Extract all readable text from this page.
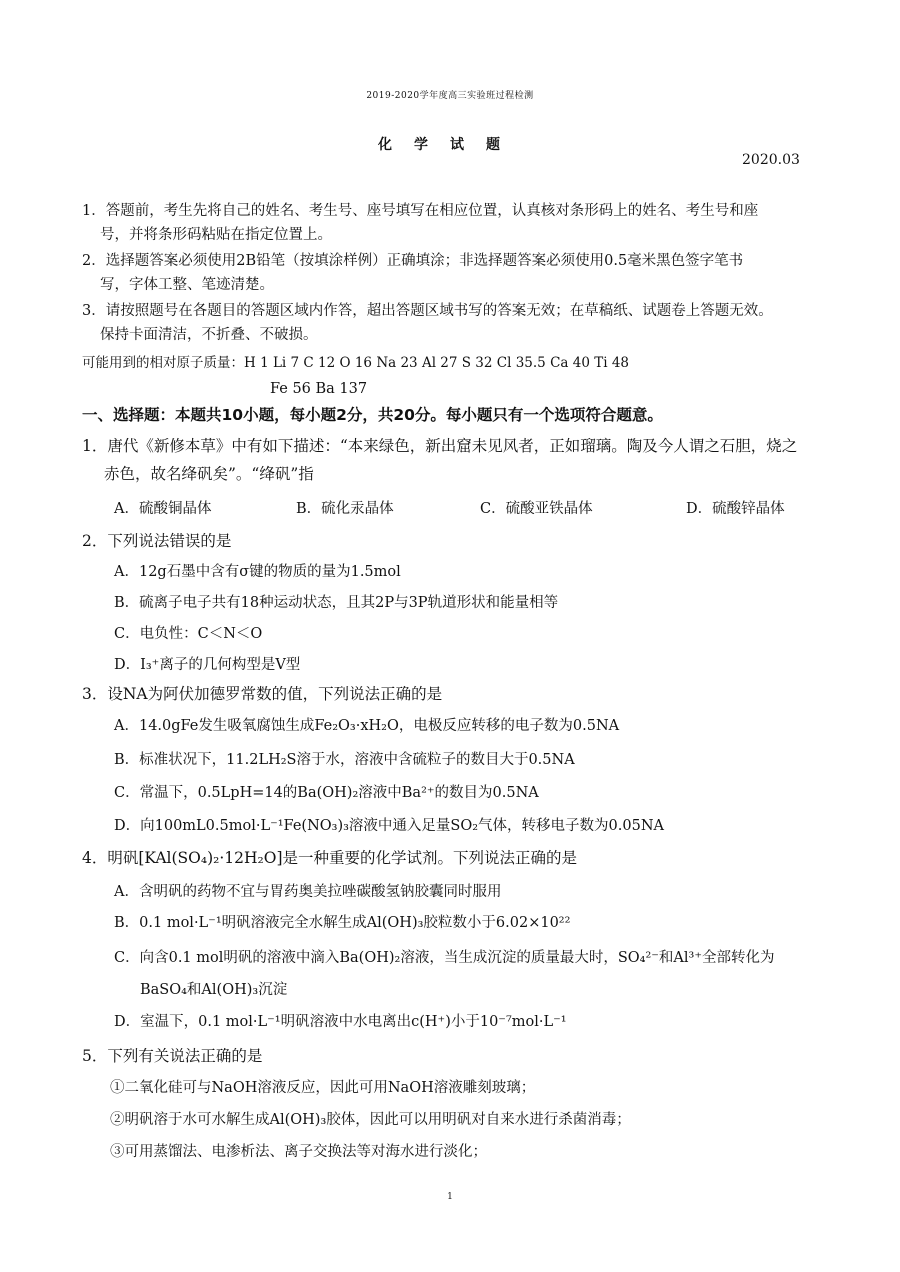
2019-2020学年度高三实验班过程检测
化学试题
2020.03
1．答题前，考生先将自己的姓名、考生号、座号填写在相应位置，认真核对条形码上的姓名、考生号和座
号，并将条形码粘贴在指定位置上。
2．选择题答案必须使用2B铅笔（按填涂样例）正确填涂；非选择题答案必须使用0.5毫米黑色签字笔书
写，字体工整、笔迹清楚。
3．请按照题号在各题目的答题区域内作答，超出答题区域书写的答案无效；在草稿纸、试题卷上答题无效。
保持卡面清洁，不折叠、不破损。
可能用到的相对原子质量：H 1 Li 7 C 12 O 16 Na 23 Al 27 S 32 Cl 35.5 Ca 40 Ti 48
Fe 56 Ba 137
一、选择题：本题共10小题，每小题2分，共20分。每小题只有一个选项符合题意。
1．唐代《新修本草》中有如下描述：“本来绿色，新出窟未见风者，正如瑠璃。陶及今人谓之石胆，烧之
赤色，故名绛矾矣”。“绛矾”指
A．硫酸铜晶体	B．硫化汞晶体	C．硫酸亚铁晶体	D．硫酸锌晶体
2．下列说法错误的是
A．12g石墨中含有σ键的物质的量为1.5mol
B．硫离子电子共有18种运动状态，且其2P与3P轨道形状和能量相等
C．电负性：C＜N＜O
D．I₃⁺离子的几何构型是V型
3．设NA为阿伏加德罗常数的值，下列说法正确的是
A．14.0gFe发生吸氧腐蚀生成Fe₂O₃·xH₂O，电极反应转移的电子数为0.5NA
B．标准状况下，11.2LH₂S溶于水，溶液中含硫粒子的数目大于0.5NA
C．常温下，0.5LpH=14的Ba(OH)₂溶液中Ba²⁺的数目为0.5NA
D．向100mL0.5mol·L⁻¹Fe(NO₃)₃溶液中通入足量SO₂气体，转移电子数为0.05NA
4．明矾[KAl(SO₄)₂·12H₂O]是一种重要的化学试剂。下列说法正确的是
A．含明矾的药物不宜与胃药奥美拉唑碳酸氢钠胶囊同时服用
B．0.1 mol·L⁻¹明矾溶液完全水解生成Al(OH)₃胶粒数小于6.02×10²²
C．向含0.1 mol明矾的溶液中滴入Ba(OH)₂溶液，当生成沉淀的质量最大时，SO₄²⁻和Al³⁺全部转化为
BaSO₄和Al(OH)₃沉淀
D．室温下，0.1 mol·L⁻¹明矾溶液中水电离出c(H⁺)小于10⁻⁷mol·L⁻¹
5．下列有关说法正确的是
①二氧化硅可与NaOH溶液反应，因此可用NaOH溶液雕刻玻璃；
②明矾溶于水可水解生成Al(OH)₃胶体，因此可以用明矾对自来水进行杀菌消毒；
③可用蒸馏法、电渗析法、离子交换法等对海水进行淡化；
1
